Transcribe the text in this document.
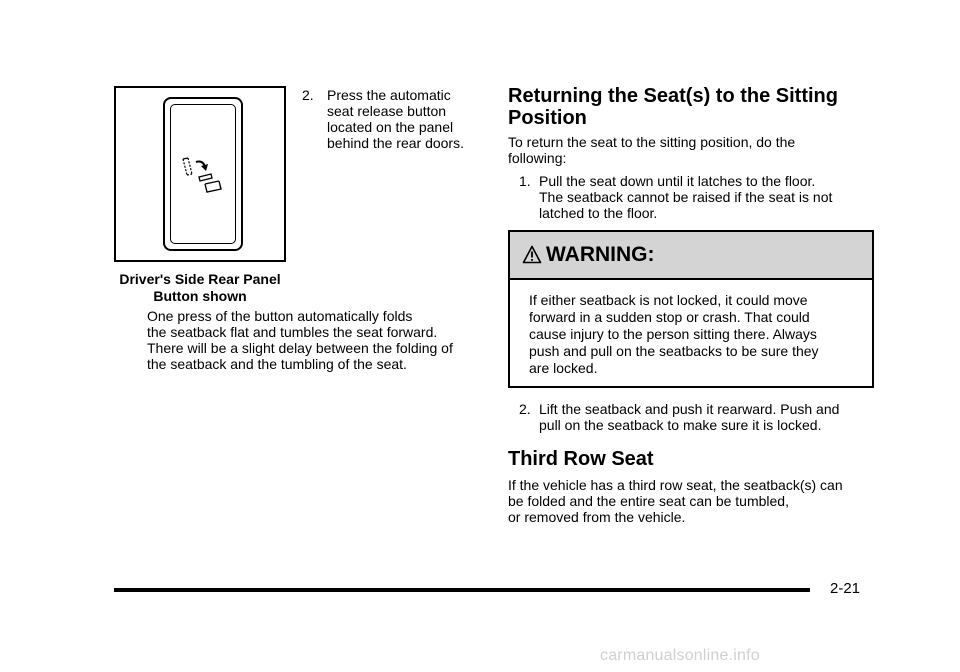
Driver's Side Rear Panel
Button shown
2. Press the automatic
seat release button
located on the panel
behind the rear doors.
One press of the button automatically folds
the seatback flat and tumbles the seat forward.
There will be a slight delay between the folding of
the seatback and the tumbling of the seat.
Returning the Seat(s) to the Sitting
Position
To return the seat to the sitting position, do the
following:
1. Pull the seat down until it latches to the floor.
The seatback cannot be raised if the seat is not
latched to the floor.
WARNING:
If either seatback is not locked, it could move
forward in a sudden stop or crash. That could
cause injury to the person sitting there. Always
push and pull on the seatbacks to be sure they
are locked.
2. Lift the seatback and push it rearward. Push and
pull on the seatback to make sure it is locked.
Third Row Seat
If the vehicle has a third row seat, the seatback(s) can
be folded and the entire seat can be tumbled,
or removed from the vehicle.
2-21
carmanualsonline.info
